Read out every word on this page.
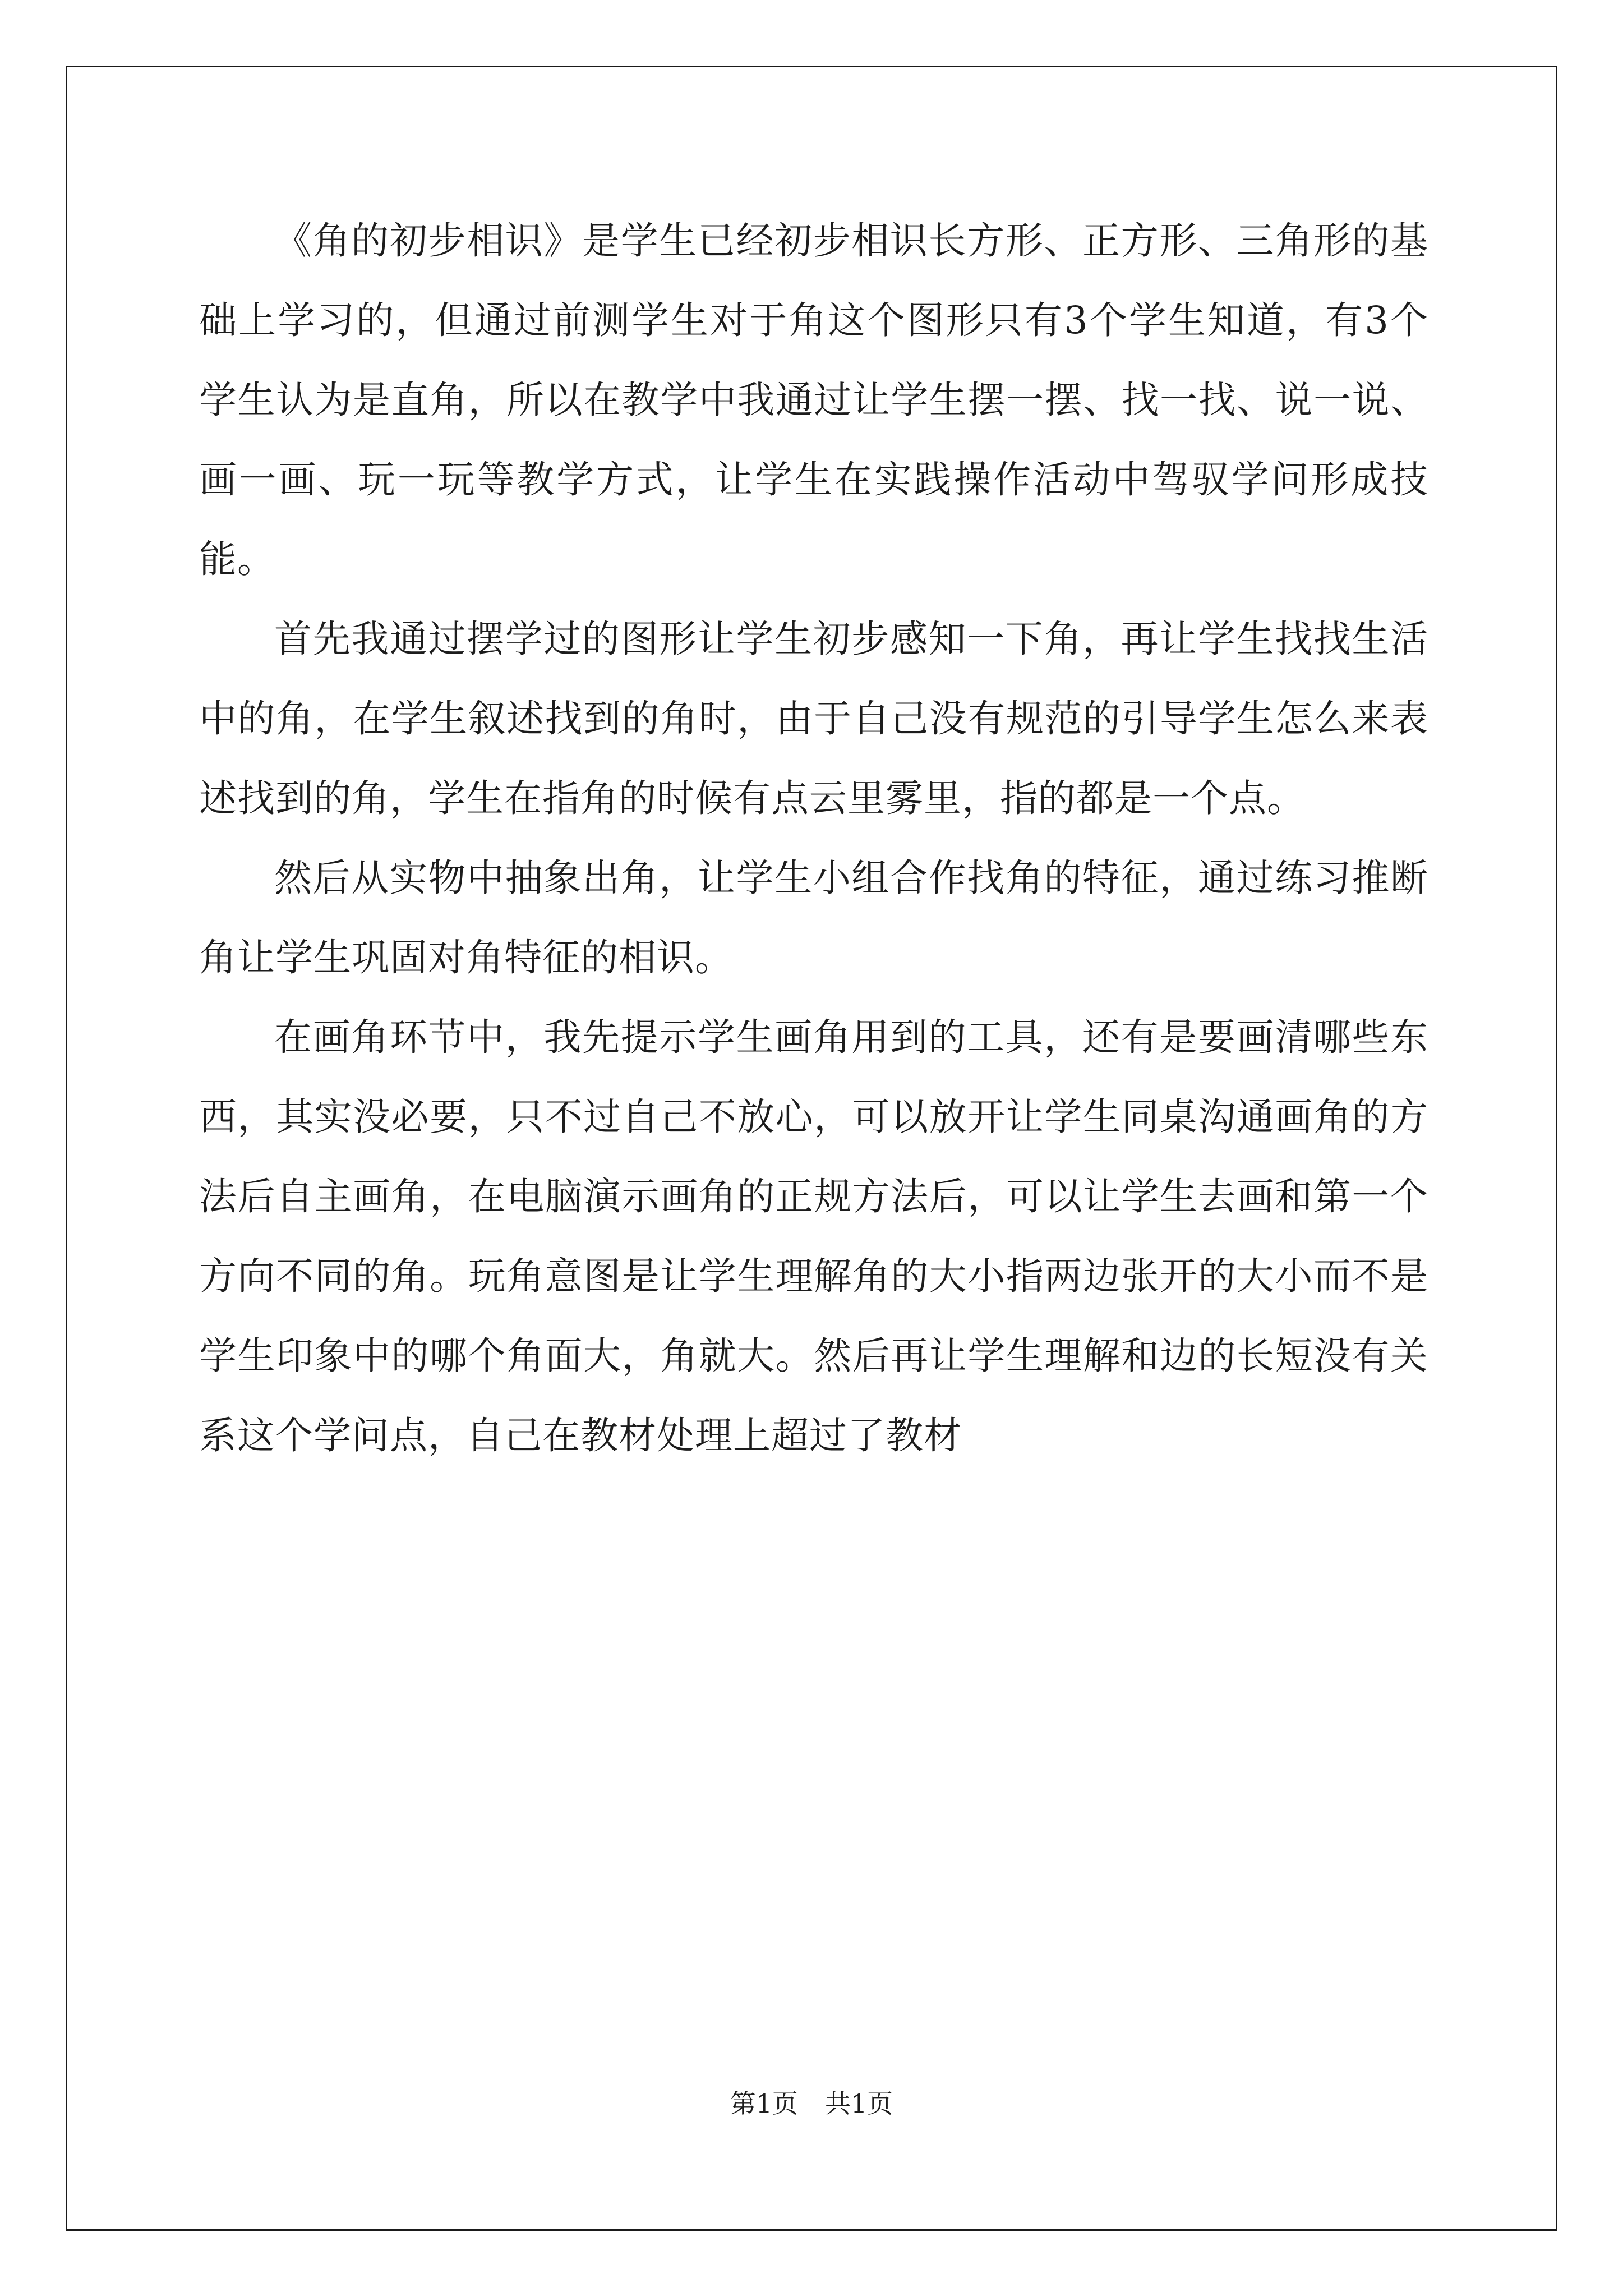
《角的初步相识》是学生已经初步相识长方形、正方形、三角形的基础上学习的，但通过前测学生对于角这个图形只有3个学生知道，有3个学生认为是直角，所以在教学中我通过让学生摆一摆、找一找、说一说、画一画、玩一玩等教学方式，让学生在实践操作活动中驾驭学问形成技能。

首先我通过摆学过的图形让学生初步感知一下角，再让学生找找生活中的角，在学生叙述找到的角时，由于自己没有规范的引导学生怎么来表述找到的角，学生在指角的时候有点云里雾里，指的都是一个点。

然后从实物中抽象出角，让学生小组合作找角的特征，通过练习推断角让学生巩固对角特征的相识。

在画角环节中，我先提示学生画角用到的工具，还有是要画清哪些东西，其实没必要，只不过自己不放心，可以放开让学生同桌沟通画角的方法后自主画角，在电脑演示画角的正规方法后，可以让学生去画和第一个方向不同的角。玩角意图是让学生理解角的大小指两边张开的大小而不是学生印象中的哪个角面大，角就大。然后再让学生理解和边的长短没有关系这个学问点，自己在教材处理上超过了教材

第1页 共1页
